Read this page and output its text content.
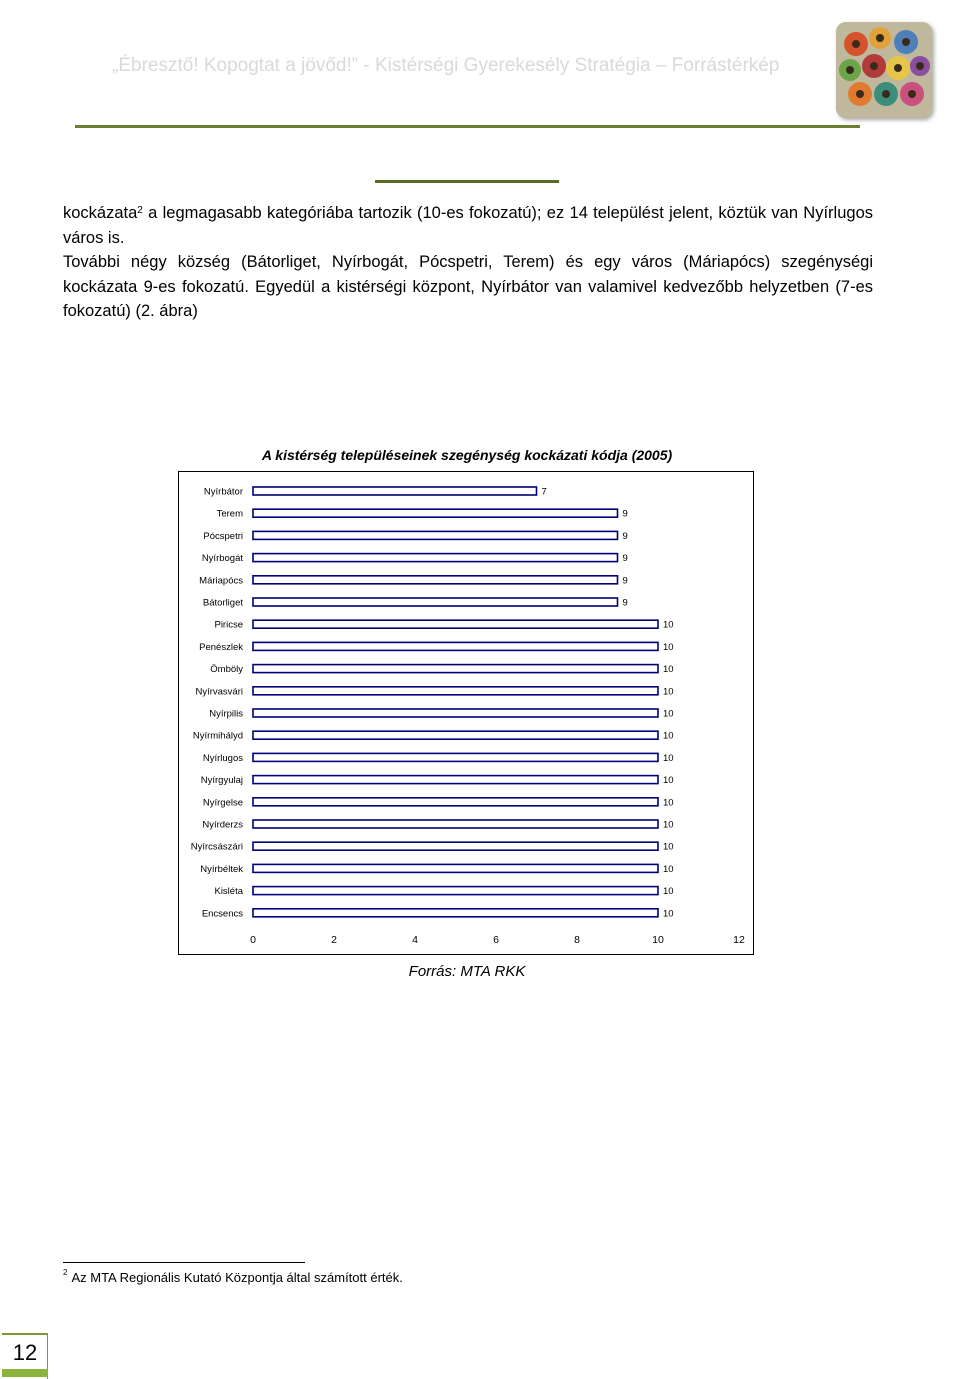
„Ébresztő! Kopogtat a jövőd!” - Kistérségi Gyerekesély Stratégia – Forrástérkép

kockázata$^2$ a legmagasabb kategóriába tartozik (10-es fokozatú); ez 14 települést jelent, köztük van Nyírlugos város is.

További négy község (Bátorliget, Nyírbogát, Pócspetri, Terem) és egy város (Máriapócs) szegénységi kockázata 9-es fokozatú. Egyedül a kistérségi központ, Nyírbátor van valamivel kedvezőbb helyzetben (7-es fokozatú) (2. ábra)

A kistérség településeinek szegénység kockázati kódja (2005)
Nyírbátor	7
Terem	9
Pócspetri	9
Nyírbogát	9
Máriapócs	9
Bátorliget	9
Piricse	10
Penészlek	10
Ömböly	10
Nyírvasvári	10
Nyírpilis	10
Nyírmihályd	10
Nyírlugos	10
Nyírgyulaj	10
Nyírgelse	10
Nyírderzs	10
Nyírcsászári	10
Nyírbéltek	10
Kisléta	10
Encsencs	10
0	2	4	6	8	10	12
Forrás: MTA RKK
$^2$ Az MTA Regionális Kutató Központja által számított érték.
12
